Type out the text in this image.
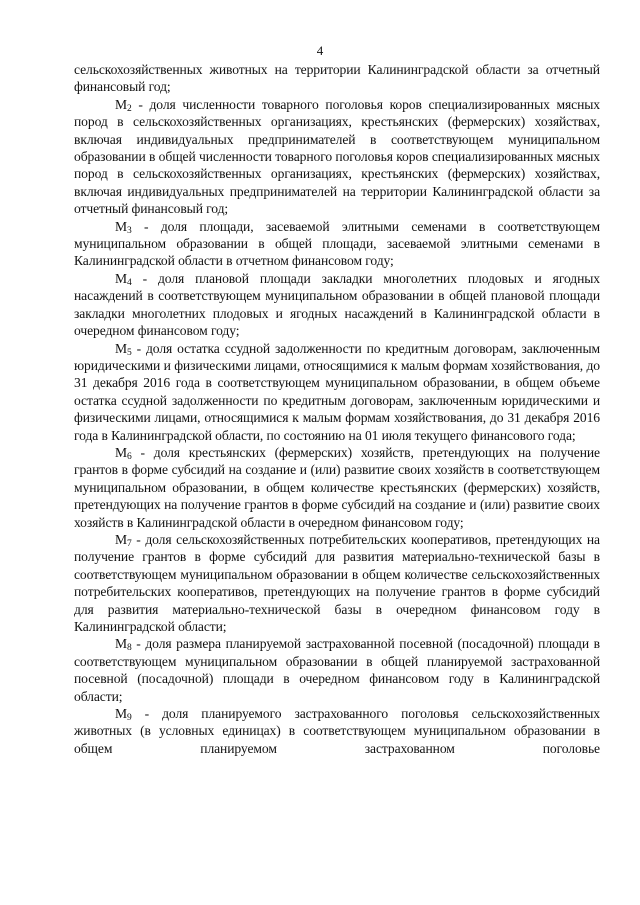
4

сельскохозяйственных животных на территории Калининградской области за отчетный финансовый год;

$M_2$ - доля численности товарного поголовья коров специализированных мясных пород в сельскохозяйственных организациях, крестьянских (фермерских) хозяйствах, включая индивидуальных предпринимателей в соответствующем муниципальном образовании в общей численности товарного поголовья коров специализированных мясных пород в сельскохозяйственных организациях, крестьянских (фермерских) хозяйствах, включая индивидуальных предпринимателей на территории Калининградской области за отчетный финансовый год;

$M_3$ - доля площади, засеваемой элитными семенами в соответствующем муниципальном образовании в общей площади, засеваемой элитными семенами в Калининградской области в отчетном финансовом году;

$M_4$ - доля плановой площади закладки многолетних плодовых и ягодных насаждений в соответствующем муниципальном образовании в общей плановой площади закладки многолетних плодовых и ягодных насаждений в Калининградской области в очередном финансовом году;

$M_5$ - доля остатка ссудной задолженности по кредитным договорам, заключенным юридическими и физическими лицами, относящимися к малым формам хозяйствования, до 31 декабря 2016 года в соответствующем муниципальном образовании, в общем объеме остатка ссудной задолженности по кредитным договорам, заключенным юридическими и физическими лицами, относящимися к малым формам хозяйствования, до 31 декабря 2016 года в Калининградской области, по состоянию на 01 июля текущего финансового года;

$M_6$ - доля крестьянских (фермерских) хозяйств, претендующих на получение грантов в форме субсидий на создание и (или) развитие своих хозяйств в соответствующем муниципальном образовании, в общем количестве крестьянских (фермерских) хозяйств, претендующих на получение грантов в форме субсидий на создание и (или) развитие своих хозяйств в Калининградской области в очередном финансовом году;

$M_7$ - доля сельскохозяйственных потребительских кооперативов, претендующих на получение грантов в форме субсидий для развития материально-технической базы в соответствующем муниципальном образовании в общем количестве сельскохозяйственных потребительских кооперативов, претендующих на получение грантов в форме субсидий для развития материально-технической базы в очередном финансовом году в Калининградской области;

$M_8$ - доля размера планируемой застрахованной посевной (посадочной) площади в соответствующем муниципальном образовании в общей планируемой застрахованной посевной (посадочной) площади в очередном финансовом году в Калининградской области;

$M_9$ - доля планируемого застрахованного поголовья сельскохозяйственных животных (в условных единицах) в соответствующем муниципальном образовании в общем планируемом застрахованном поголовье
